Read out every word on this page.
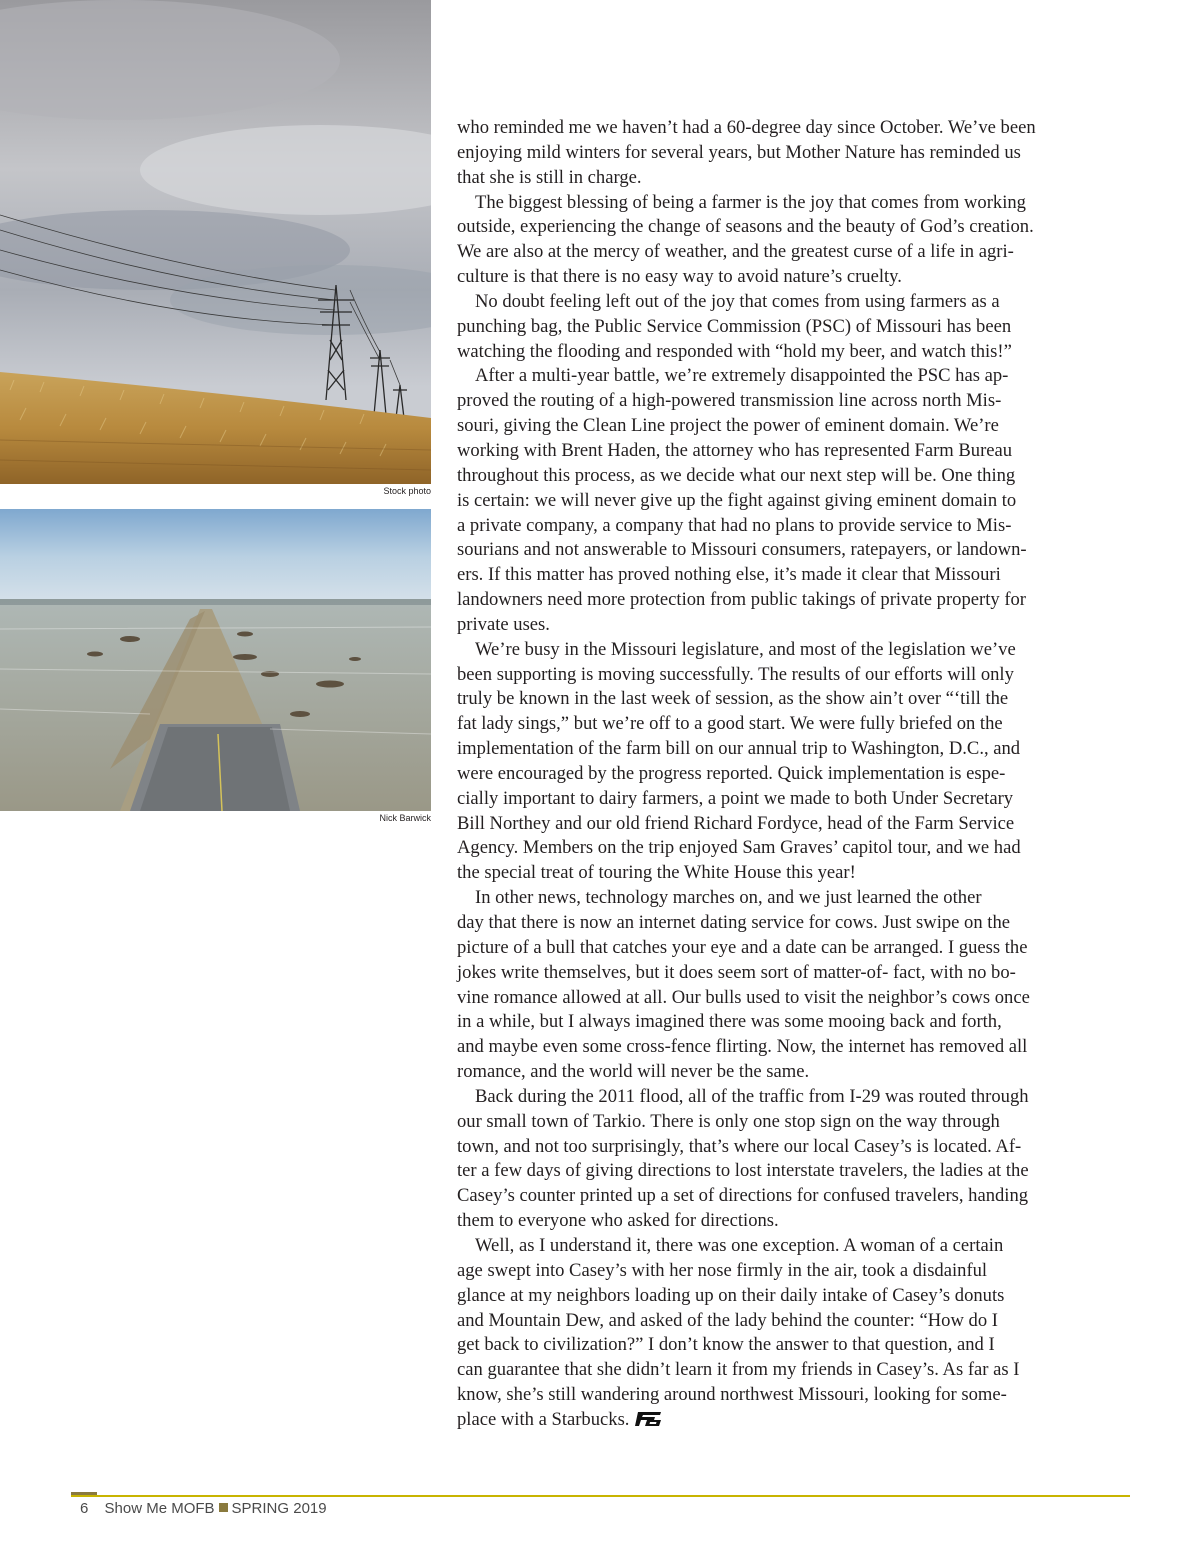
Stock photo
Nick Barwick
who reminded me we haven’t had a 60-degree day since October. We’ve been
enjoying mild winters for several years, but Mother Nature has reminded us
that she is still in charge.
The biggest blessing of being a farmer is the joy that comes from working
outside, experiencing the change of seasons and the beauty of God’s creation.
We are also at the mercy of weather, and the greatest curse of a life in agri-
culture is that there is no easy way to avoid nature’s cruelty.
No doubt feeling left out of the joy that comes from using farmers as a
punching bag, the Public Service Commission (PSC) of Missouri has been
watching the flooding and responded with “hold my beer, and watch this!”
After a multi-year battle, we’re extremely disappointed the PSC has ap-
proved the routing of a high-powered transmission line across north Mis-
souri, giving the Clean Line project the power of eminent domain. We’re
working with Brent Haden, the attorney who has represented Farm Bureau
throughout this process, as we decide what our next step will be. One thing
is certain: we will never give up the fight against giving eminent domain to
a private company, a company that had no plans to provide service to Mis-
sourians and not answerable to Missouri consumers, ratepayers, or landown-
ers. If this matter has proved nothing else, it’s made it clear that Missouri
landowners need more protection from public takings of private property for
private uses.
We’re busy in the Missouri legislature, and most of the legislation we’ve
been supporting is moving successfully. The results of our efforts will only
truly be known in the last week of session, as the show ain’t over “‘till the
fat lady sings,” but we’re off to a good start. We were fully briefed on the
implementation of the farm bill on our annual trip to Washington, D.C., and
were encouraged by the progress reported. Quick implementation is espe-
cially important to dairy farmers, a point we made to both Under Secretary
Bill Northey and our old friend Richard Fordyce, head of the Farm Service
Agency. Members on the trip enjoyed Sam Graves’ capitol tour, and we had
the special treat of touring the White House this year!
In other news, technology marches on, and we just learned the other
day that there is now an internet dating service for cows. Just swipe on the
picture of a bull that catches your eye and a date can be arranged. I guess the
jokes write themselves, but it does seem sort of matter-of- fact, with no bo-
vine romance allowed at all. Our bulls used to visit the neighbor’s cows once
in a while, but I always imagined there was some mooing back and forth,
and maybe even some cross-fence flirting. Now, the internet has removed all
romance, and the world will never be the same.
Back during the 2011 flood, all of the traffic from I-29 was routed through
our small town of Tarkio. There is only one stop sign on the way through
town, and not too surprisingly, that’s where our local Casey’s is located. Af-
ter a few days of giving directions to lost interstate travelers, the ladies at the
Casey’s counter printed up a set of directions for confused travelers, handing
them to everyone who asked for directions.
Well, as I understand it, there was one exception. A woman of a certain
age swept into Casey’s with her nose firmly in the air, took a disdainful
glance at my neighbors loading up on their daily intake of Casey’s donuts
and Mountain Dew, and asked of the lady behind the counter: “How do I
get back to civilization?” I don’t know the answer to that question, and I
can guarantee that she didn’t learn it from my friends in Casey’s. As far as I
know, she’s still wandering around northwest Missouri, looking for some-
place with a Starbucks.
6 Show Me MOFB SPRING 2019
